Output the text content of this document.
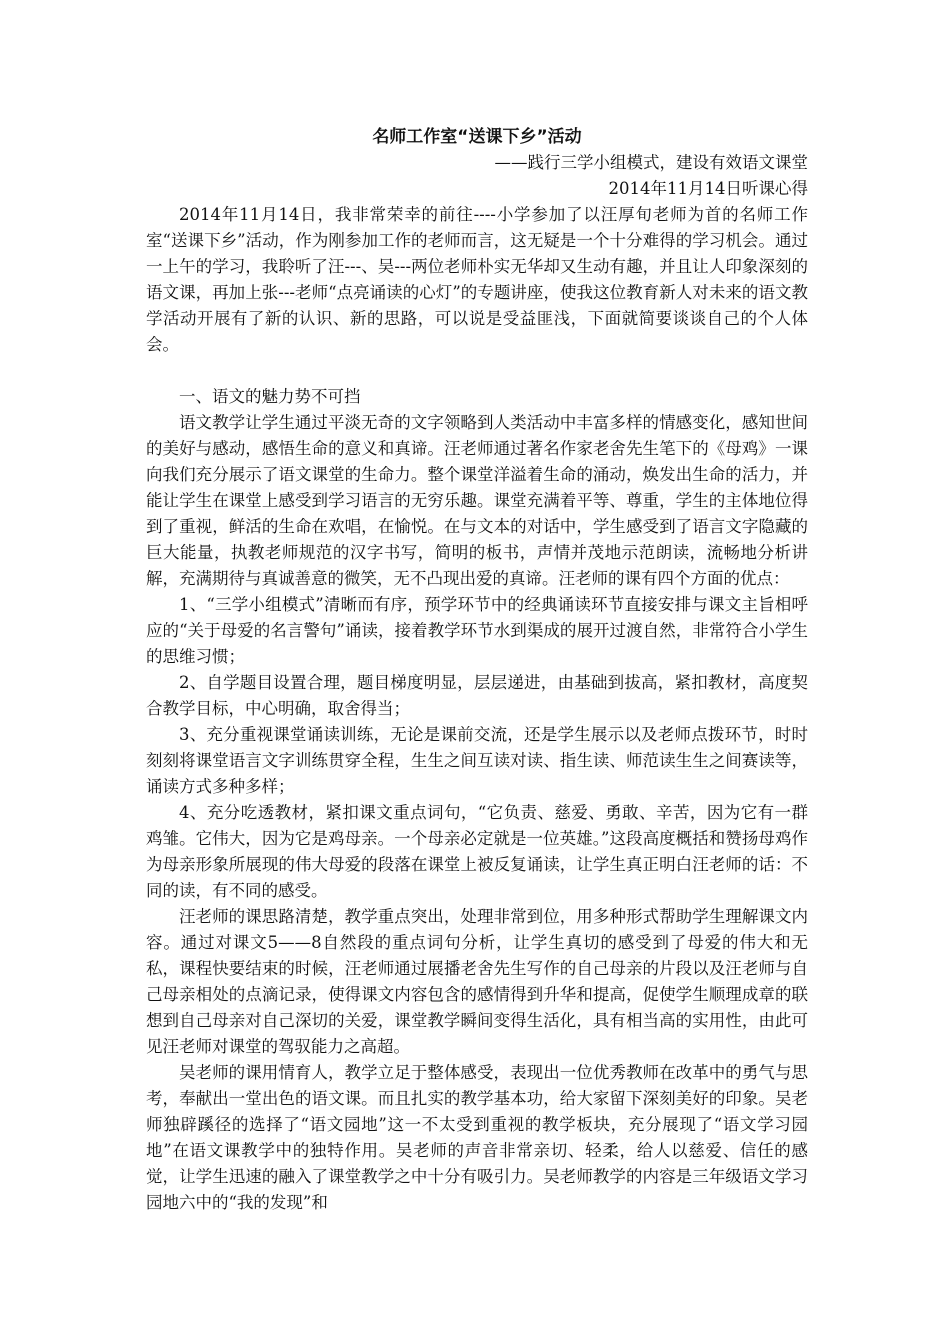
名师工作室“送课下乡”活动

——践行三学小组模式，建设有效语文课堂

2014年11月14日听课心得

2014年11月14日，我非常荣幸的前往----小学参加了以汪厚旬老师为首的名师工作室“送课下乡”活动，作为刚参加工作的老师而言，这无疑是一个十分难得的学习机会。通过一上午的学习，我聆听了汪---、吴---两位老师朴实无华却又生动有趣，并且让人印象深刻的语文课，再加上张---老师“点亮诵读的心灯”的专题讲座，使我这位教育新人对未来的语文教学活动开展有了新的认识、新的思路，可以说是受益匪浅，下面就简要谈谈自己的个人体会。

一、语文的魅力势不可挡

语文教学让学生通过平淡无奇的文字领略到人类活动中丰富多样的情感变化，感知世间的美好与感动，感悟生命的意义和真谛。汪老师通过著名作家老舍先生笔下的《母鸡》一课向我们充分展示了语文课堂的生命力。整个课堂洋溢着生命的涌动，焕发出生命的活力，并能让学生在课堂上感受到学习语言的无穷乐趣。课堂充满着平等、尊重，学生的主体地位得到了重视，鲜活的生命在欢唱，在愉悦。在与文本的对话中，学生感受到了语言文字隐藏的巨大能量，执教老师规范的汉字书写，简明的板书，声情并茂地示范朗读，流畅地分析讲解，充满期待与真诚善意的微笑，无不凸现出爱的真谛。汪老师的课有四个方面的优点：

1、“三学小组模式”清晰而有序，预学环节中的经典诵读环节直接安排与课文主旨相呼应的“关于母爱的名言警句”诵读，接着教学环节水到渠成的展开过渡自然，非常符合小学生的思维习惯；

2、自学题目设置合理，题目梯度明显，层层递进，由基础到拔高，紧扣教材，高度契合教学目标，中心明确，取舍得当；

3、充分重视课堂诵读训练，无论是课前交流，还是学生展示以及老师点拨环节，时时刻刻将课堂语言文字训练贯穿全程，生生之间互读对读、指生读、师范读生生之间赛读等，诵读方式多种多样；

4、充分吃透教材，紧扣课文重点词句，“它负责、慈爱、勇敢、辛苦，因为它有一群鸡雏。它伟大，因为它是鸡母亲。一个母亲必定就是一位英雄。”这段高度概括和赞扬母鸡作为母亲形象所展现的伟大母爱的段落在课堂上被反复诵读，让学生真正明白汪老师的话：不同的读，有不同的感受。

汪老师的课思路清楚，教学重点突出，处理非常到位，用多种形式帮助学生理解课文内容。通过对课文5——8自然段的重点词句分析，让学生真切的感受到了母爱的伟大和无私，课程快要结束的时候，汪老师通过展播老舍先生写作的自己母亲的片段以及汪老师与自己母亲相处的点滴记录，使得课文内容包含的感情得到升华和提高，促使学生顺理成章的联想到自己母亲对自己深切的关爱，课堂教学瞬间变得生活化，具有相当高的实用性，由此可见汪老师对课堂的驾驭能力之高超。

吴老师的课用情育人，教学立足于整体感受，表现出一位优秀教师在改革中的勇气与思考，奉献出一堂出色的语文课。而且扎实的教学基本功，给大家留下深刻美好的印象。吴老师独辟蹊径的选择了“语文园地”这一不太受到重视的教学板块，充分展现了“语文学习园地”在语文课教学中的独特作用。吴老师的声音非常亲切、轻柔，给人以慈爱、信任的感觉，让学生迅速的融入了课堂教学之中十分有吸引力。吴老师教学的内容是三年级语文学习园地六中的“我的发现”和
